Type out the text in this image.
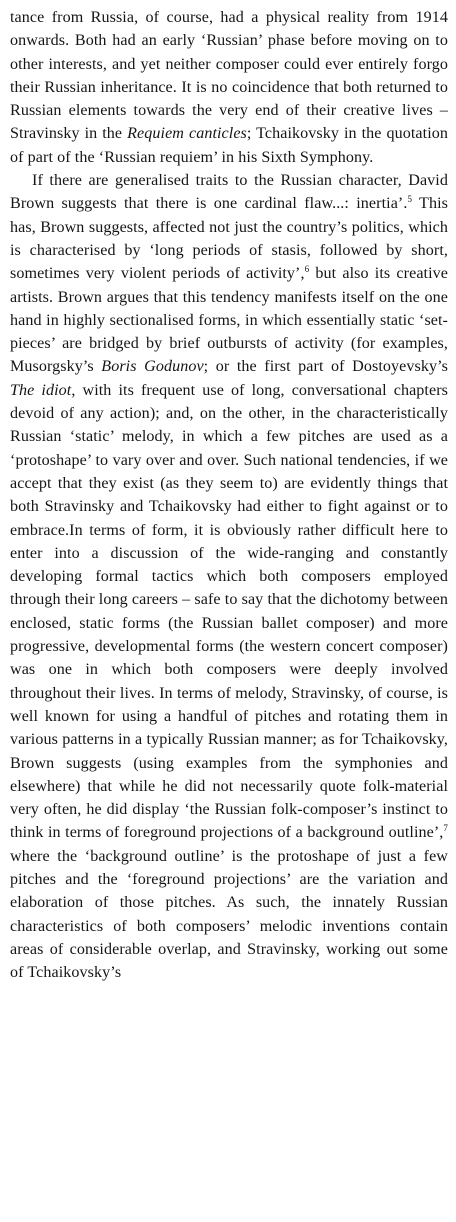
tance from Russia, of course, had a physical reality from 1914 onwards. Both had an early ‘Russian’ phase before moving on to other interests, and yet neither composer could ever entirely forgo their Russian inheritance. It is no coincidence that both returned to Russian elements towards the very end of their creative lives – Stravinsky in the Requiem canticles; Tchaikovsky in the quotation of part of the ‘Russian requiem’ in his Sixth Symphony.

If there are generalised traits to the Russian character, David Brown suggests that there is one cardinal flaw...: inertia’.$^5$ This has, Brown suggests, affected not just the country’s politics, which is characterised by ‘long periods of stasis, followed by short, sometimes very violent periods of activity’,$^6$ but also its creative artists. Brown argues that this tendency manifests itself on the one hand in highly sectionalised forms, in which essentially static ‘set-pieces’ are bridged by brief outbursts of activity (for examples, Musorgsky’s Boris Godunov; or the first part of Dostoyevsky’s The idiot, with its frequent use of long, conversational chapters devoid of any action); and, on the other, in the characteristically Russian ‘static’ melody, in which a few pitches are used as a ‘protoshape’ to vary over and over. Such national tendencies, if we accept that they exist (as they seem to) are evidently things that both Stravinsky and Tchaikovsky had either to fight against or to embrace.In terms of form, it is obviously rather difficult here to enter into a discussion of the wide-ranging and constantly developing formal tactics which both composers employed through their long careers – safe to say that the dichotomy between enclosed, static forms (the Russian ballet composer) and more progressive, developmental forms (the western concert composer) was one in which both composers were deeply involved throughout their lives. In terms of melody, Stravinsky, of course, is well known for using a handful of pitches and rotating them in various patterns in a typically Russian manner; as for Tchaikovsky, Brown suggests (using examples from the symphonies and elsewhere) that while he did not necessarily quote folk-material very often, he did display ‘the Russian folk-composer’s instinct to think in terms of foreground projections of a background outline’,$^7$ where the ‘background outline’ is the protoshape of just a few pitches and the ‘foreground projections’ are the variation and elaboration of those pitches. As such, the innately Russian characteristics of both composers’ melodic inventions contain areas of considerable overlap, and Stravinsky, working out some of Tchaikovsky’s
